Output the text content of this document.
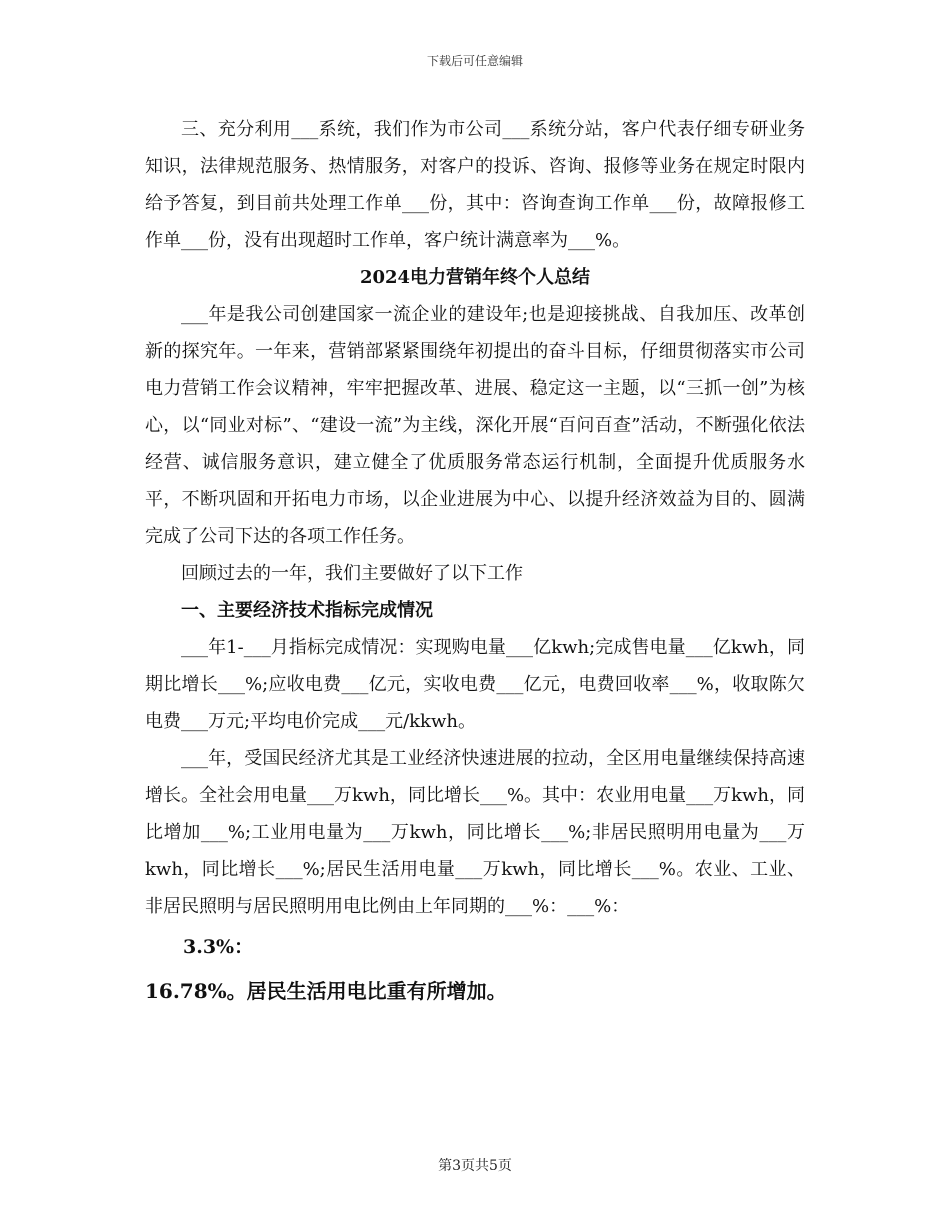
下载后可任意编辑

三、充分利用___系统，我们作为市公司___系统分站，客户代表仔细专研业务知识，法律规范服务、热情服务，对客户的投诉、咨询、报修等业务在规定时限内给予答复，到目前共处理工作单___份，其中：咨询查询工作单___份，故障报修工作单___份，没有出现超时工作单，客户统计满意率为___%。

2024电力营销年终个人总结

___年是我公司创建国家一流企业的建设年;也是迎接挑战、自我加压、改革创新的探究年。一年来，营销部紧紧围绕年初提出的奋斗目标，仔细贯彻落实市公司电力营销工作会议精神，牢牢把握改革、进展、稳定这一主题，以“三抓一创”为核心，以“同业对标”、“建设一流”为主线，深化开展“百问百查”活动，不断强化依法经营、诚信服务意识，建立健全了优质服务常态运行机制，全面提升优质服务水平，不断巩固和开拓电力市场，以企业进展为中心、以提升经济效益为目的、圆满完成了公司下达的各项工作任务。

回顾过去的一年，我们主要做好了以下工作

一、主要经济技术指标完成情况

___年1-___月指标完成情况：实现购电量___亿kwh;完成售电量___亿kwh，同期比增长___%;应收电费___亿元，实收电费___亿元，电费回收率___%，收取陈欠电费___万元;平均电价完成___元/kkwh。

___年，受国民经济尤其是工业经济快速进展的拉动，全区用电量继续保持高速增长。全社会用电量___万kwh，同比增长___%。其中：农业用电量___万kwh，同比增加___%;工业用电量为___万kwh，同比增长___%;非居民照明用电量为___万kwh，同比增长___%;居民生活用电量___万kwh，同比增长___%。农业、工业、非居民照明与居民照明用电比例由上年同期的___%：___%：

3.3%：

16.78%。居民生活用电比重有所增加。

第3页共5页
